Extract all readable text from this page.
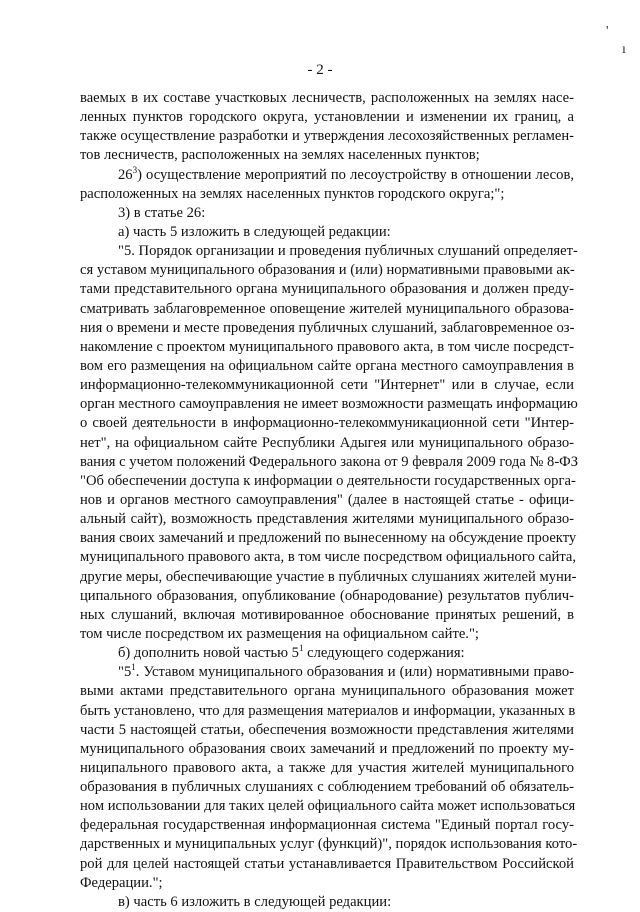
'
ı
- 2 -
ваемых в их составе участковых лесничеств, расположенных на землях насе-
ленных пунктов городского округа, установлении и изменении их границ, а
также осуществление разработки и утверждения лесохозяйственных регламен-
тов лесничеств, расположенных на землях населенных пунктов;
$26^3$) осуществление мероприятий по лесоустройству в отношении лесов,
расположенных на землях населенных пунктов городского округа;";
3) в статье 26:
а) часть 5 изложить в следующей редакции:
"5. Порядок организации и проведения публичных слушаний определяет-
ся уставом муниципального образования и (или) нормативными правовыми ак-
тами представительного органа муниципального образования и должен преду-
сматривать заблаговременное оповещение жителей муниципального образова-
ния о времени и месте проведения публичных слушаний, заблаговременное оз-
накомление с проектом муниципального правового акта, в том числе посредст-
вом его размещения на официальном сайте органа местного самоуправления в
информационно-телекоммуникационной сети "Интернет" или в случае, если
орган местного самоуправления не имеет возможности размещать информацию
о своей деятельности в информационно-телекоммуникационной сети "Интер-
нет", на официальном сайте Республики Адыгея или муниципального образо-
вания с учетом положений Федерального закона от 9 февраля 2009 года № 8-ФЗ
"Об обеспечении доступа к информации о деятельности государственных орга-
нов и органов местного самоуправления" (далее в настоящей статье - офици-
альный сайт), возможность представления жителями муниципального образо-
вания своих замечаний и предложений по вынесенному на обсуждение проекту
муниципального правового акта, в том числе посредством официального сайта,
другие меры, обеспечивающие участие в публичных слушаниях жителей муни-
ципального образования, опубликование (обнародование) результатов публич-
ных слушаний, включая мотивированное обоснование принятых решений, в
том числе посредством их размещения на официальном сайте.";
б) дополнить новой частью $5^1$ следующего содержания:
"$5^1$. Уставом муниципального образования и (или) нормативными право-
выми актами представительного органа муниципального образования может
быть установлено, что для размещения материалов и информации, указанных в
части 5 настоящей статьи, обеспечения возможности представления жителями
муниципального образования своих замечаний и предложений по проекту му-
ниципального правового акта, а также для участия жителей муниципального
образования в публичных слушаниях с соблюдением требований об обязатель-
ном использовании для таких целей официального сайта может использоваться
федеральная государственная информационная система "Единый портал госу-
дарственных и муниципальных услуг (функций)", порядок использования кото-
рой для целей настоящей статьи устанавливается Правительством Российской
Федерации.";
в) часть 6 изложить в следующей редакции:
